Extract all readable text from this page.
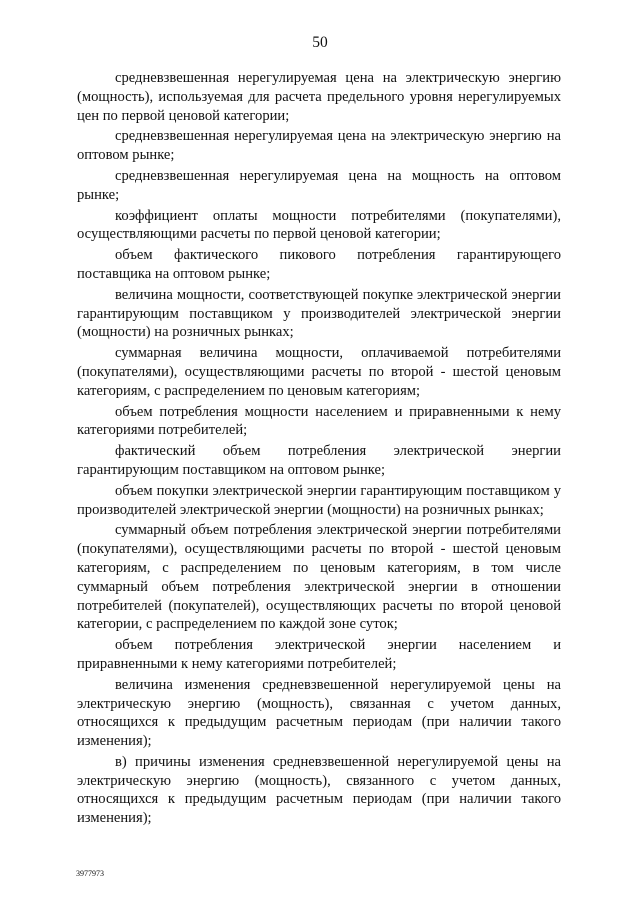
50

средневзвешенная нерегулируемая цена на электрическую энергию (мощность), используемая для расчета предельного уровня нерегулируемых цен по первой ценовой категории;

средневзвешенная нерегулируемая цена на электрическую энергию на оптовом рынке;

средневзвешенная нерегулируемая цена на мощность на оптовом рынке;

коэффициент оплаты мощности потребителями (покупателями), осуществляющими расчеты по первой ценовой категории;

объем фактического пикового потребления гарантирующего поставщика на оптовом рынке;

величина мощности, соответствующей покупке электрической энергии гарантирующим поставщиком у производителей электрической энергии (мощности) на розничных рынках;

суммарная величина мощности, оплачиваемой потребителями (покупателями), осуществляющими расчеты по второй - шестой ценовым категориям, с распределением по ценовым категориям;

объем потребления мощности населением и приравненными к нему категориями потребителей;

фактический объем потребления электрической энергии гарантирующим поставщиком на оптовом рынке;

объем покупки электрической энергии гарантирующим поставщиком у производителей электрической энергии (мощности) на розничных рынках;

суммарный объем потребления электрической энергии потребителями (покупателями), осуществляющими расчеты по второй - шестой ценовым категориям, с распределением по ценовым категориям, в том числе суммарный объем потребления электрической энергии в отношении потребителей (покупателей), осуществляющих расчеты по второй ценовой категории, с распределением по каждой зоне суток;

объем потребления электрической энергии населением и приравненными к нему категориями потребителей;

величина изменения средневзвешенной нерегулируемой цены на электрическую энергию (мощность), связанная с учетом данных, относящихся к предыдущим расчетным периодам (при наличии такого изменения);

в) причины изменения средневзвешенной нерегулируемой цены на электрическую энергию (мощность), связанного с учетом данных, относящихся к предыдущим расчетным периодам (при наличии такого изменения);

3977973
